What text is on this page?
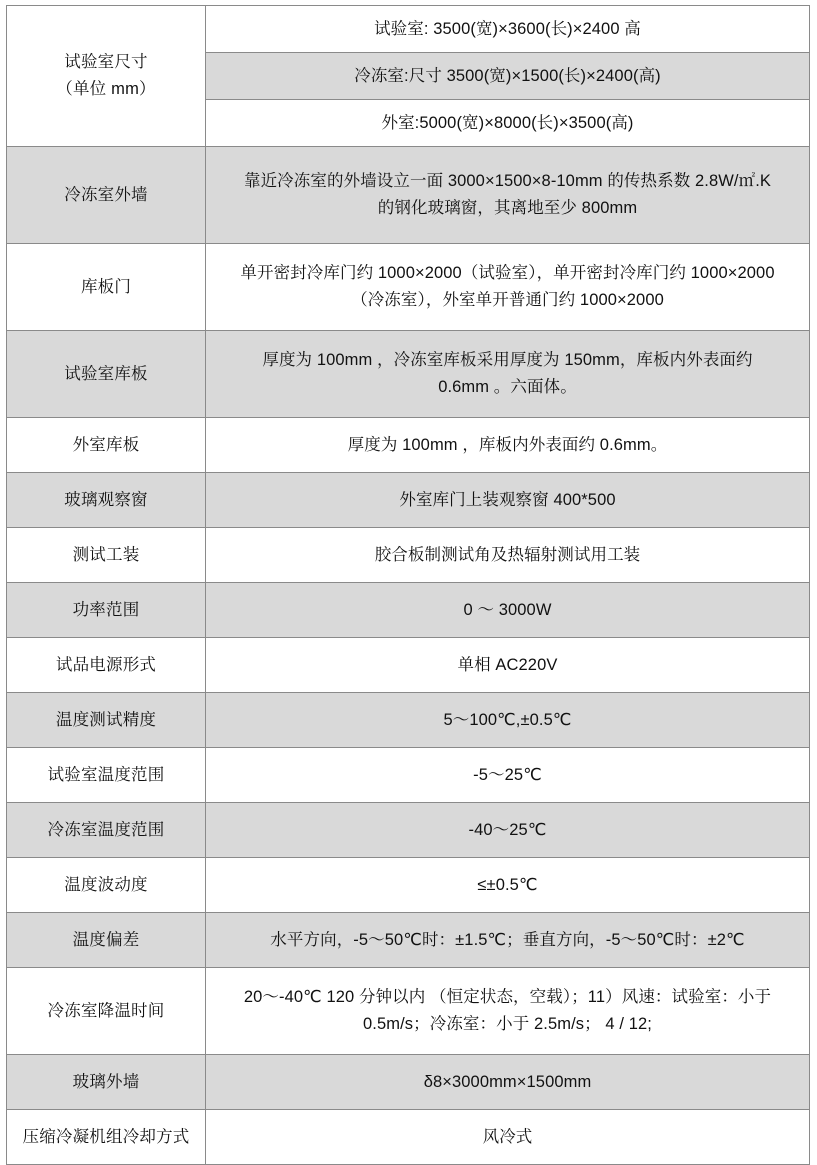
试验室尺寸
（单位 mm）	试验室: 3500(宽)×3600(长)×2400 高
	冷冻室:尺寸 3500(宽)×1500(长)×2400(高)
	外室:5000(宽)×8000(长)×3500(高)
冷冻室外墙	靠近冷冻室的外墙设立一面 3000×1500×8-10mm 的传热系数 2.8W/㎡.K
的钢化玻璃窗，其离地至少 800mm

库板门	单开密封冷库门约 1000×2000（试验室），单开密封冷库门约 1000×2000
（冷冻室），外室单开普通门约 1000×2000

试验室库板	厚度为 100mm ，冷冻室库板采用厚度为 150mm，库板内外表面约
0.6mm 。六面体。

外室库板	厚度为 100mm ，库板内外表面约 0.6mm。
玻璃观察窗	外室库门上装观察窗 400*500
测试工装	胶合板制测试角及热辐射测试用工装
功率范围	0 ～ 3000W
试品电源形式	单相 AC220V
温度测试精度	5～100℃,±0.5℃
试验室温度范围	-5～25℃
冷冻室温度范围	-40～25℃
温度波动度	≤±0.5℃
温度偏差	水平方向，-5～50℃时：±1.5℃；垂直方向，-5～50℃时：±2℃
冷冻室降温时间	20～-40℃ 120 分钟以内 （恒定状态，空载）；11）风速：试验室：小于
0.5m/s；冷冻室：小于 2.5m/s； 4 / 12;

玻璃外墙	δ8×3000mm×1500mm
压缩冷凝机组冷却方式	风冷式
